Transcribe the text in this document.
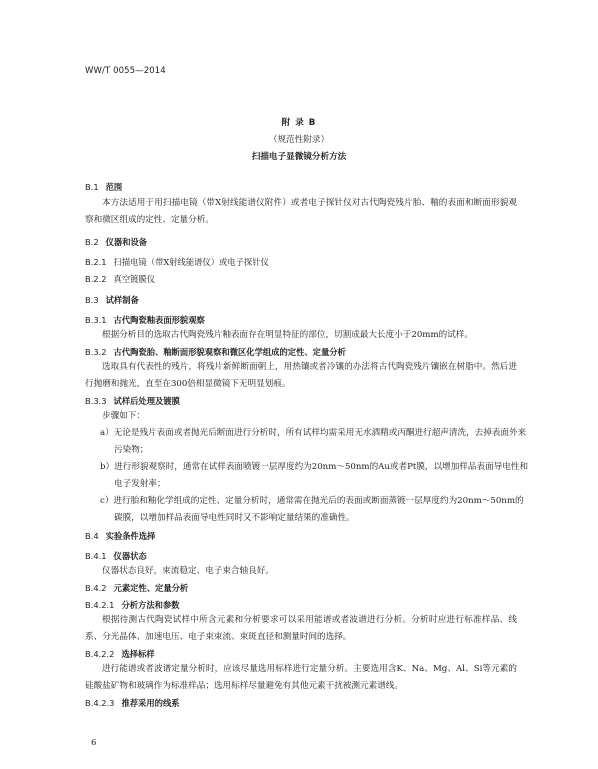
WW/T 0055—2014
附 录 B
（规范性附录）
扫描电子显微镜分析方法
B.1 范围
本方法适用于用扫描电镜（带X射线能谱仪附件）或者电子探针仪对古代陶瓷残片胎、釉的表面和断面形貌观察和微区组成的定性、定量分析。
B.2 仪器和设备
B.2.1 扫描电镜（带X射线能谱仪）或电子探针仪
B.2.2 真空镀膜仪
B.3 试样制备
B.3.1 古代陶瓷釉表面形貌观察
根据分析目的选取古代陶瓷残片釉表面存在明显特征的部位，切割成最大长度小于20mm的试样。
B.3.2 古代陶瓷胎、釉断面形貌观察和微区化学组成的定性、定量分析
选取具有代表性的残片，将残片新鲜断面朝上，用热镶或者冷镶的办法将古代陶瓷残片镶嵌在树脂中。然后进行抛磨和抛光，直至在300倍相显微镜下无明显划痕。
B.3.3 试样后处理及镀膜
步骤如下：
a）无论是残片表面或者抛光后断面进行分析时，所有试样均需采用无水酒精或丙酮进行超声清洗，去掉表面外来污染物；
b）进行形貌观察时，通常在试样表面喷镀一层厚度约为20nm～50nm的Au或者Pt膜，以增加样品表面导电性和电子发射率；
c）进行胎和釉化学组成的定性、定量分析时，通常需在抛光后的表面或断面蒸镀一层厚度约为20nm～50nm的碳膜，以增加样品表面导电性同时又不影响定量结果的准确性。
B.4 实验条件选择
B.4.1 仪器状态
仪器状态良好，束流稳定、电子束合轴良好。
B.4.2 元素定性、定量分析
B.4.2.1 分析方法和参数
根据待测古代陶瓷试样中所含元素和分析要求可以采用能谱或者波谱进行分析。分析时应进行标准样品、线系、分光晶体、加速电压、电子束束流、束斑直径和测量时间的选择。
B.4.2.2 选择标样
进行能谱或者波谱定量分析时，应该尽量选用标样进行定量分析。主要选用含K、Na、Mg、Al、Si等元素的硅酸盐矿物和玻璃作为标准样品；选用标样尽量避免有其他元素干扰被测元素谱线。
B.4.2.3 推荐采用的线系
6
